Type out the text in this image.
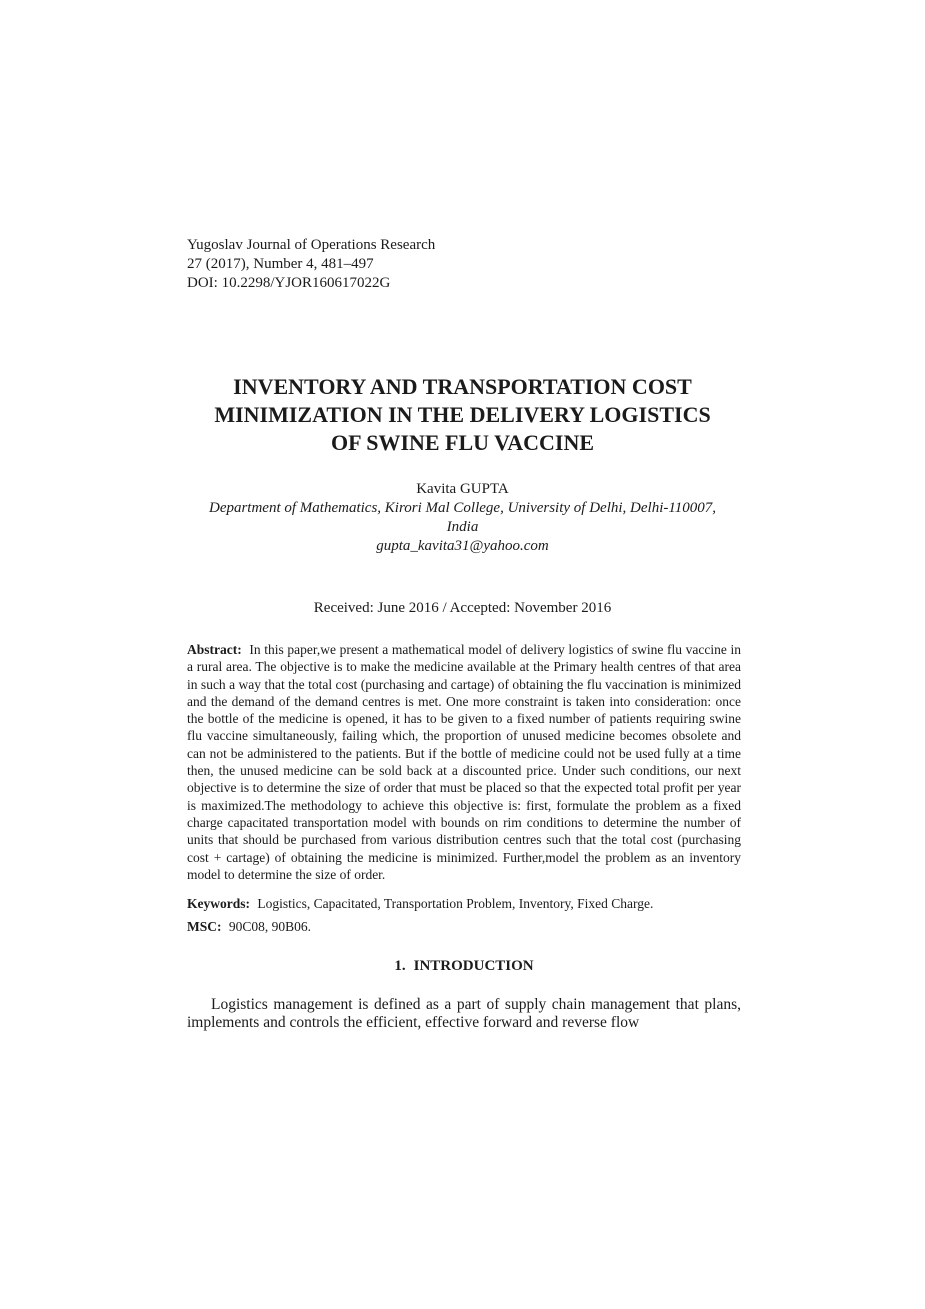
Yugoslav Journal of Operations Research
27 (2017), Number 4, 481–497
DOI: 10.2298/YJOR160617022G
INVENTORY AND TRANSPORTATION COST
MINIMIZATION IN THE DELIVERY LOGISTICS
OF SWINE FLU VACCINE
Kavita GUPTA
Department of Mathematics, Kirori Mal College, University of Delhi, Delhi-110007,
India
gupta_kavita31@yahoo.com
Received: June 2016 / Accepted: November 2016

Abstract: In this paper,we present a mathematical model of delivery logistics of swine flu vaccine in a rural area. The objective is to make the medicine available at the Primary health centres of that area in such a way that the total cost (purchasing and cartage) of obtaining the flu vaccination is minimized and the demand of the demand centres is met. One more constraint is taken into consideration: once the bottle of the medicine is opened, it has to be given to a fixed number of patients requiring swine flu vaccine simultaneously, failing which, the proportion of unused medicine becomes obsolete and can not be administered to the patients. But if the bottle of medicine could not be used fully at a time then, the unused medicine can be sold back at a discounted price. Under such conditions, our next objective is to determine the size of order that must be placed so that the expected total profit per year is maximized.The methodology to achieve this objective is: first, formulate the problem as a fixed charge capacitated transportation model with bounds on rim conditions to determine the number of units that should be purchased from various distribution centres such that the total cost (purchasing cost + cartage) of obtaining the medicine is minimized. Further,model the problem as an inventory model to determine the size of order.

Keywords: Logistics, Capacitated, Transportation Problem, Inventory, Fixed Charge.

MSC: 90C08, 90B06.

1. INTRODUCTION

Logistics management is defined as a part of supply chain management that plans, implements and controls the efficient, effective forward and reverse flow
